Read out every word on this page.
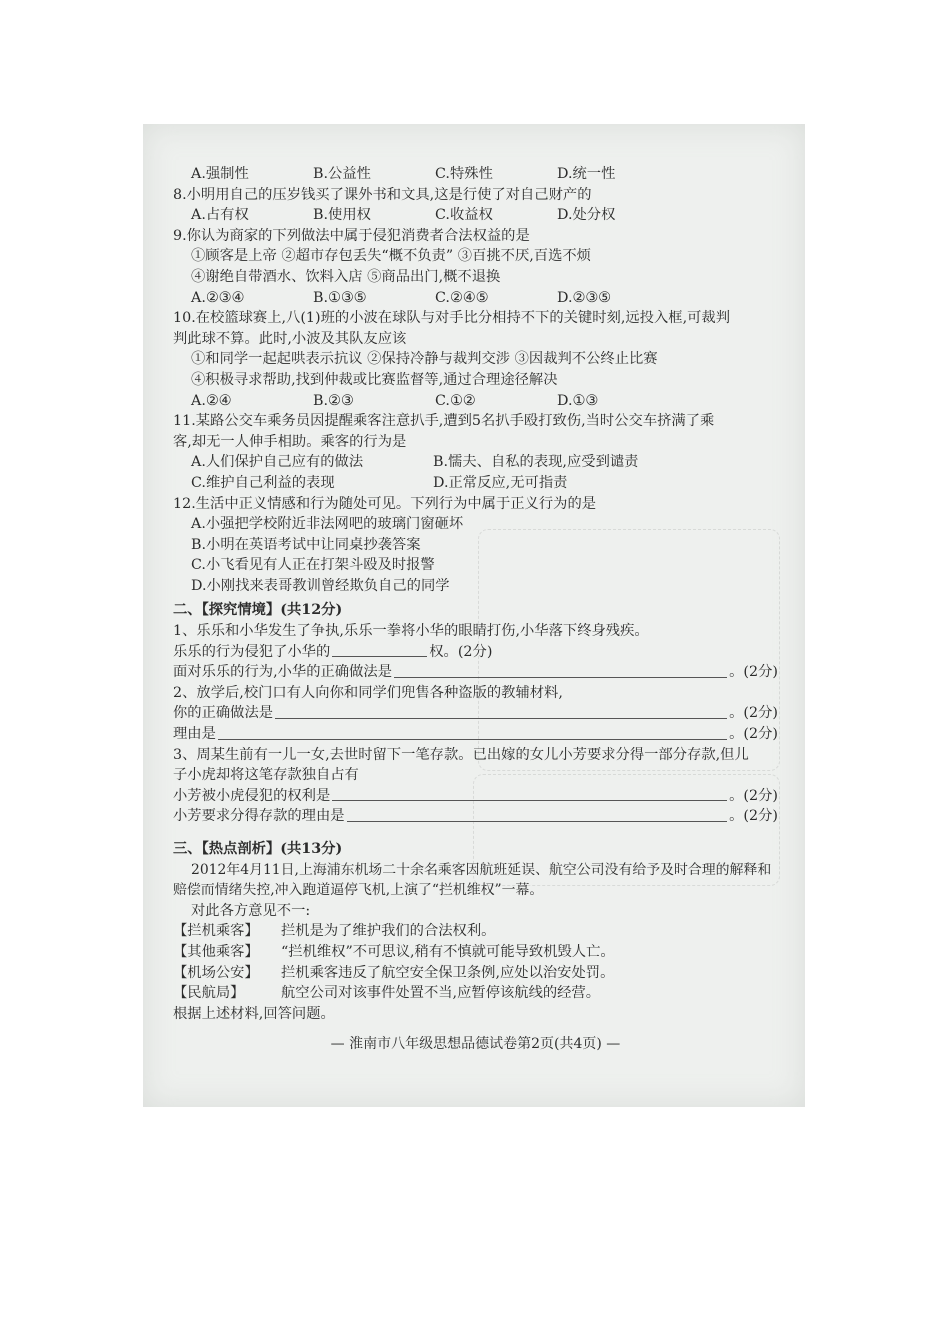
A.强制性	B.公益性	C.特殊性	D.统一性
8.小明用自己的压岁钱买了课外书和文具,这是行使了对自己财产的
A.占有权	B.使用权	C.收益权	D.处分权
9.你认为商家的下列做法中属于侵犯消费者合法权益的是
①顾客是上帝 ②超市存包丢失“概不负责” ③百挑不厌,百选不烦
④谢绝自带酒水、饮料入店 ⑤商品出门,概不退换
A.②③④	B.①③⑤	C.②④⑤	D.②③⑤
10.在校篮球赛上,八(1)班的小波在球队与对手比分相持不下的关键时刻,远投入框,可裁判
判此球不算。此时,小波及其队友应该
①和同学一起起哄表示抗议 ②保持冷静与裁判交涉 ③因裁判不公终止比赛
④积极寻求帮助,找到仲裁或比赛监督等,通过合理途径解决
A.②④	B.②③	C.①②	D.①③
11.某路公交车乘务员因提醒乘客注意扒手,遭到5名扒手殴打致伤,当时公交车挤满了乘
客,却无一人伸手相助。乘客的行为是
A.人们保护自己应有的做法	B.懦夫、自私的表现,应受到谴责
C.维护自己利益的表现	D.正常反应,无可指责
12.生活中正义情感和行为随处可见。下列行为中属于正义行为的是
A.小强把学校附近非法网吧的玻璃门窗砸坏
B.小明在英语考试中让同桌抄袭答案
C.小飞看见有人正在打架斗殴及时报警
D.小刚找来表哥教训曾经欺负自己的同学
二、【探究情境】(共12分)
1、乐乐和小华发生了争执,乐乐一拳将小华的眼睛打伤,小华落下终身残疾。
乐乐的行为侵犯了小华的	权。(2分)
面对乐乐的行为,小华的正确做法是	。(2分)
2、放学后,校门口有人向你和同学们兜售各种盗版的教辅材料,
你的正确做法是	。(2分)
理由是	。(2分)
3、周某生前有一儿一女,去世时留下一笔存款。已出嫁的女儿小芳要求分得一部分存款,但儿
子小虎却将这笔存款独自占有
小芳被小虎侵犯的权利是	。(2分)
小芳要求分得存款的理由是	。(2分)
三、【热点剖析】(共13分)
2012年4月11日,上海浦东机场二十余名乘客因航班延误、航空公司没有给予及时合理的解释和赔偿而情绪失控,冲入跑道逼停飞机,上演了“拦机维权”一幕。
对此各方意见不一:
【拦机乘客】	拦机是为了维护我们的合法权利。
【其他乘客】	“拦机维权”不可思议,稍有不慎就可能导致机毁人亡。
【机场公安】	拦机乘客违反了航空安全保卫条例,应处以治安处罚。
【民航局】	航空公司对该事件处置不当,应暂停该航线的经营。
根据上述材料,回答问题。
— 淮南市八年级思想品德试卷第2页(共4页) —
